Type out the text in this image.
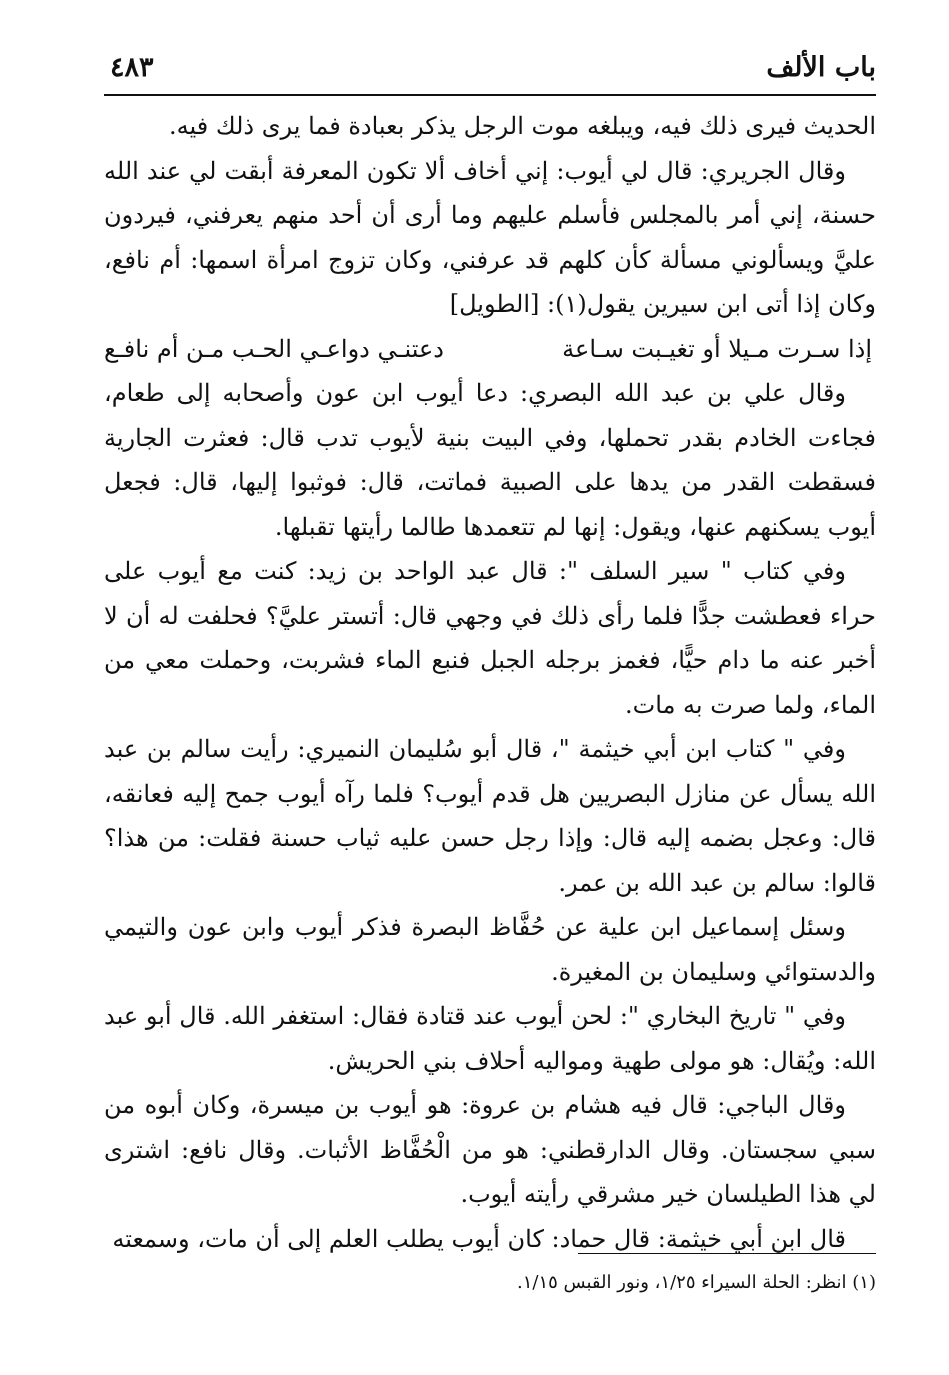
باب الألف
٤٨٣

الحديث فيرى ذلك فيه، ويبلغه موت الرجل يذكر بعبادة فما يرى ذلك فيه.

وقال الجريري: قال لي أيوب: إني أخاف ألا تكون المعرفة أبقت لي عند الله حسنة، إني أمر بالمجلس فأسلم عليهم وما أرى أن أحد منهم يعرفني، فيردون عليَّ ويسألوني مسألة كأن كلهم قد عرفني، وكان تزوج امرأة اسمها: أم نافع، وكان إذا أتى ابن سيرين يقول(١): [الطويل]

إذا سـرت مـيلا أو تغيـبت سـاعة
دعتنـي دواعـي الحـب مـن أم نافـع

وقال علي بن عبد الله البصري: دعا أيوب ابن عون وأصحابه إلى طعام، فجاءت الخادم بقدر تحملها، وفي البيت بنية لأيوب تدب قال: فعثرت الجارية فسقطت القدر من يدها على الصبية فماتت، قال: فوثبوا إليها، قال: فجعل أيوب يسكنهم عنها، ويقول: إنها لم تتعمدها طالما رأيتها تقبلها.

وفي كتاب " سير السلف ": قال عبد الواحد بن زيد: كنت مع أيوب على حراء فعطشت جدًّا فلما رأى ذلك في وجهي قال: أتستر عليَّ؟ فحلفت له أن لا أخبر عنه ما دام حيًّا، فغمز برجله الجبل فنبع الماء فشربت، وحملت معي من الماء، ولما صرت به مات.

وفي " كتاب ابن أبي خيثمة "، قال أبو سُليمان النميري: رأيت سالم بن عبد الله يسأل عن منازل البصريين هل قدم أيوب؟ فلما رآه أيوب جمح إليه فعانقه، قال: وعجل بضمه إليه قال: وإذا رجل حسن عليه ثياب حسنة فقلت: من هذا؟ قالوا: سالم بن عبد الله بن عمر.

وسئل إسماعيل ابن علية عن حُفَّاظ البصرة فذكر أيوب وابن عون والتيمي والدستوائي وسليمان بن المغيرة.

وفي " تاريخ البخاري ": لحن أيوب عند قتادة فقال: استغفر الله. قال أبو عبد الله: ويُقال: هو مولى طهية ومواليه أحلاف بني الحريش.

وقال الباجي: قال فيه هشام بن عروة: هو أيوب بن ميسرة، وكان أبوه من سبي سجستان. وقال الدارقطني: هو من الْحُفَّاظ الأثبات. وقال نافع: اشترى لي هذا الطيلسان خير مشرقي رأيته أيوب.

قال ابن أبي خيثمة: قال حماد: كان أيوب يطلب العلم إلى أن مات، وسمعته

(١) انظر: الحلة السيراء ١/٢٥، ونور القبس ١/١٥.
